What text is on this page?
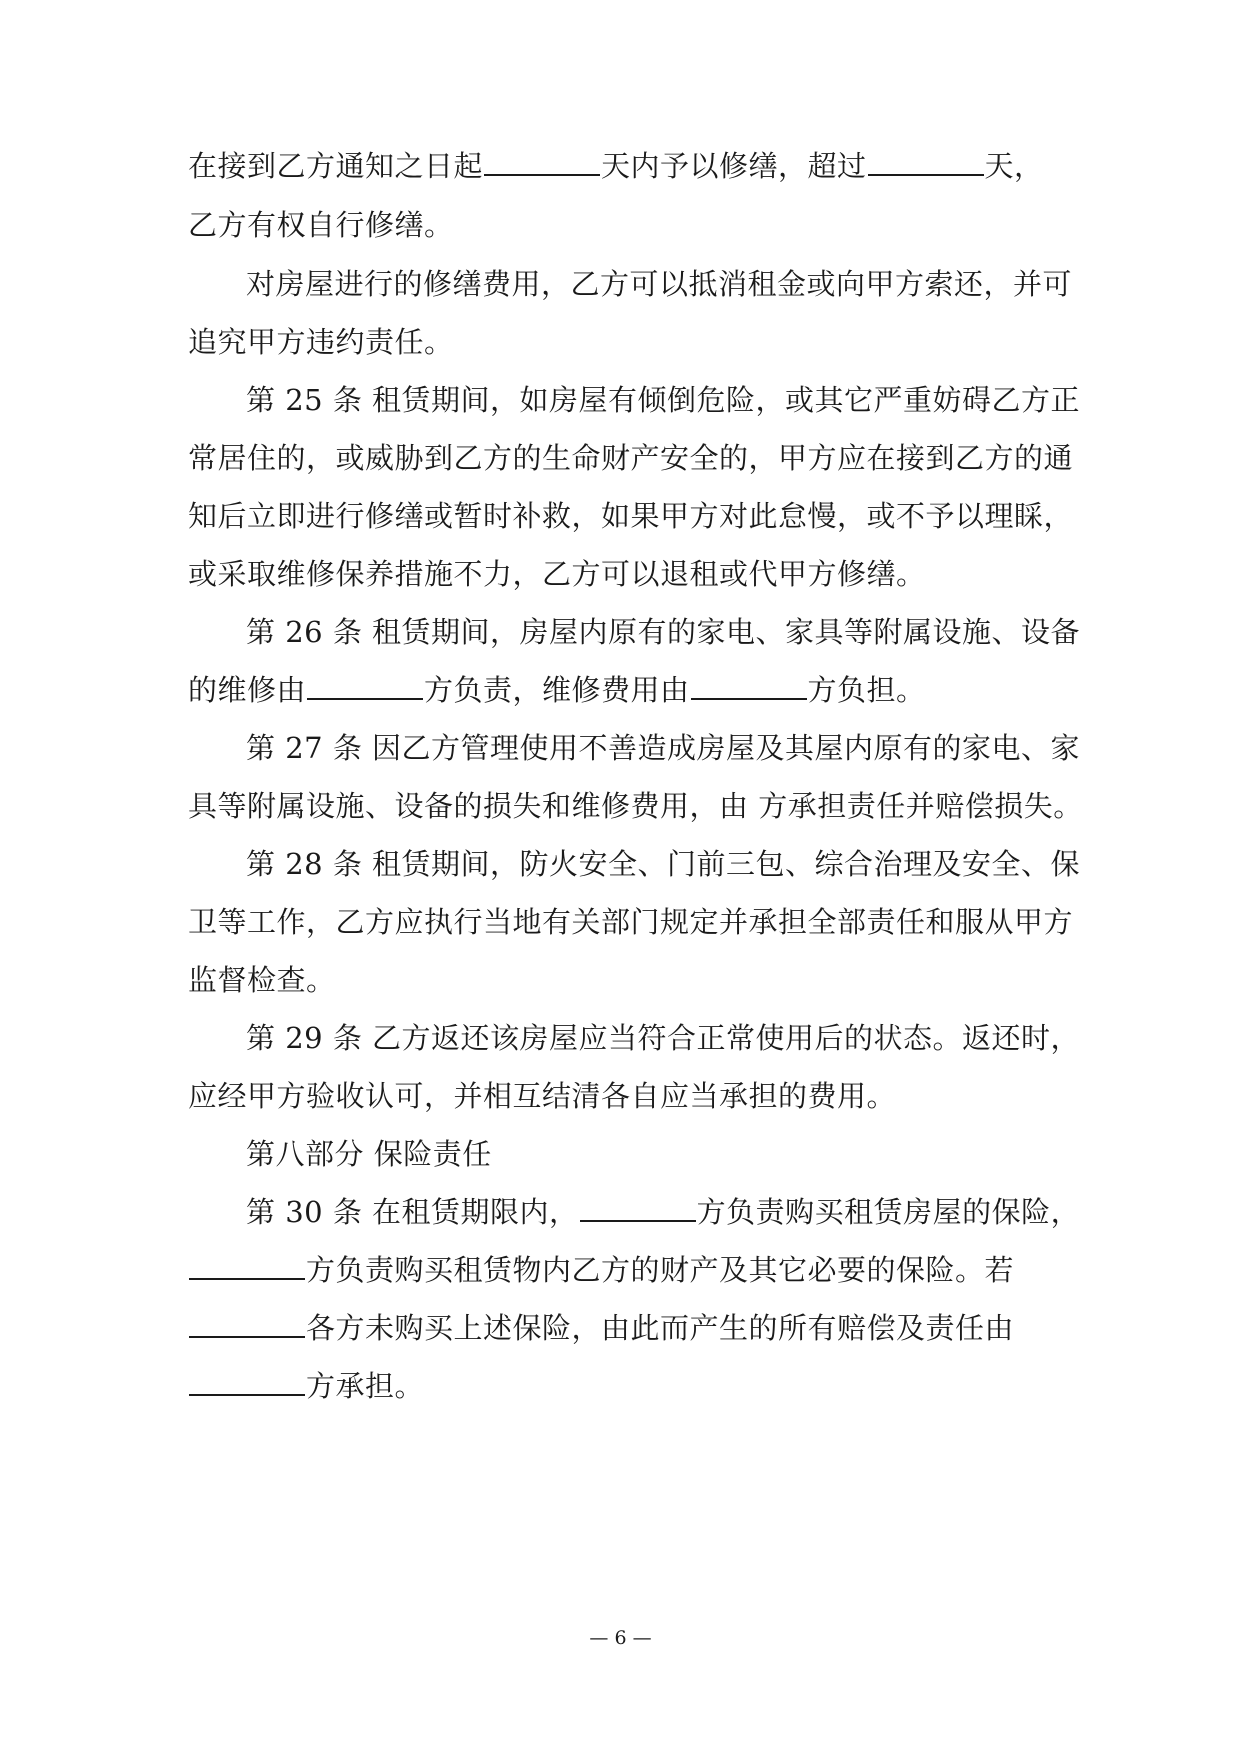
在接到乙方通知之日起	天内予以修缮，超过	天，
乙方有权自行修缮。
对房屋进行的修缮费用，乙方可以抵消租金或向甲方索还，并可
追究甲方违约责任。
第 25 条 租赁期间，如房屋有倾倒危险，或其它严重妨碍乙方正
常居住的，或威胁到乙方的生命财产安全的，甲方应在接到乙方的通
知后立即进行修缮或暂时补救，如果甲方对此怠慢，或不予以理睬，
或采取维修保养措施不力，乙方可以退租或代甲方修缮。
第 26 条 租赁期间，房屋内原有的家电、家具等附属设施、设备
的维修由	方负责，维修费用由	方负担。
第 27 条 因乙方管理使用不善造成房屋及其屋内原有的家电、家
具等附属设施、设备的损失和维修费用，由 方承担责任并赔偿损失。
第 28 条 租赁期间，防火安全、门前三包、综合治理及安全、保
卫等工作，乙方应执行当地有关部门规定并承担全部责任和服从甲方
监督检查。
第 29 条 乙方返还该房屋应当符合正常使用后的状态。返还时，
应经甲方验收认可，并相互结清各自应当承担的费用。
第八部分 保险责任
第 30 条 在租赁期限内，	方负责购买租赁房屋的保险，
方负责购买租赁物内乙方的财产及其它必要的保险。若
各方未购买上述保险，由此而产生的所有赔偿及责任由
方承担。
— 6 —
